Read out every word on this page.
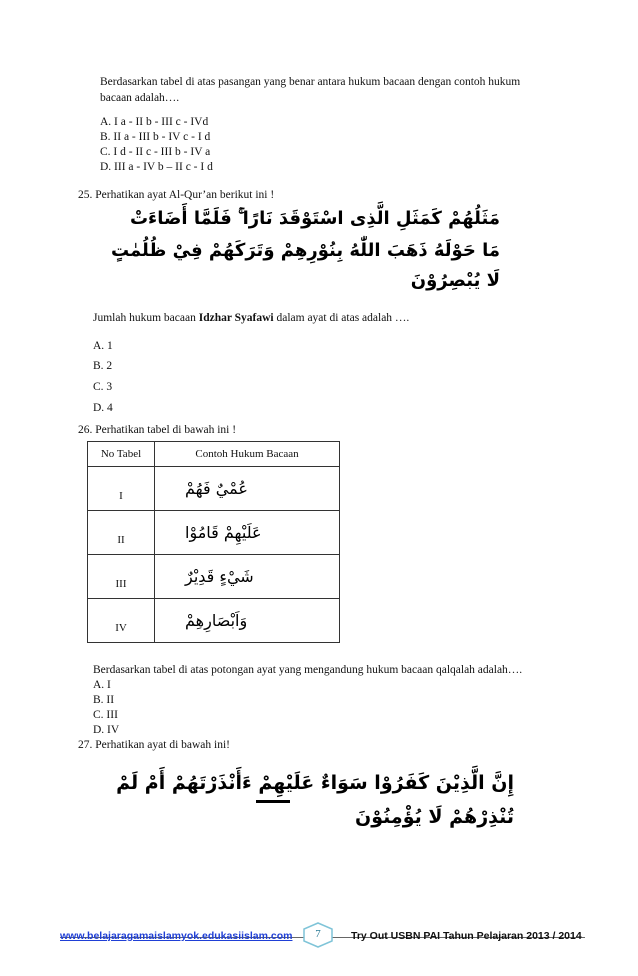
Berdasarkan tabel di atas pasangan yang benar antara hukum bacaan dengan contoh hukum
bacaan adalah….
A. I a - II b - III c - IVd
B. II a - III b - IV c - I d
C. I d - II c - III b - IV a
D. III a - IV b – II c - I d
25. Perhatikan ayat Al-Qur’an berikut ini !
مَثَلُهُمْ كَمَثَلِ الَّذِى اسْتَوْقَدَ نَارًا ۚ فَلَمَّا أَضَاءَتْ
مَا حَوْلَهُ ذَهَبَ اللّٰهُ بِنُوْرِهِمْ وَتَرَكَهُمْ فِيْ ظُلُمٰتٍ
لَا يُبْصِرُوْنَ
Jumlah hukum bacaan Idzhar Syafawi dalam ayat di atas adalah ….
A. 1
B. 2
C. 3
D. 4
26. Perhatikan tabel di bawah ini !
No Tabel	Contoh Hukum Bacaan
I	عُمْيٌ فَهُمْ
II	عَلَيْهِمْ قَامُوْا
III	شَيْءٍ قَدِيْرٌ
IV	وَاَبْصَارِهِمْ
Berdasarkan tabel di atas potongan ayat yang mengandung hukum bacaan qalqalah adalah….
A. I
B. II
C. III
D. IV
27. Perhatikan ayat di bawah ini!
إِنَّ الَّذِيْنَ كَفَرُوْا سَوَاءٌ عَلَيْهِمْ ءَأَنْذَرْتَهُمْ أَمْ لَمْ
تُنْذِرْهُمْ لَا يُؤْمِنُوْنَ
www.belajaragamaislamyok.edukasiislam.com	7	Try Out USBN PAI Tahun Pelajaran 2013 / 2014
